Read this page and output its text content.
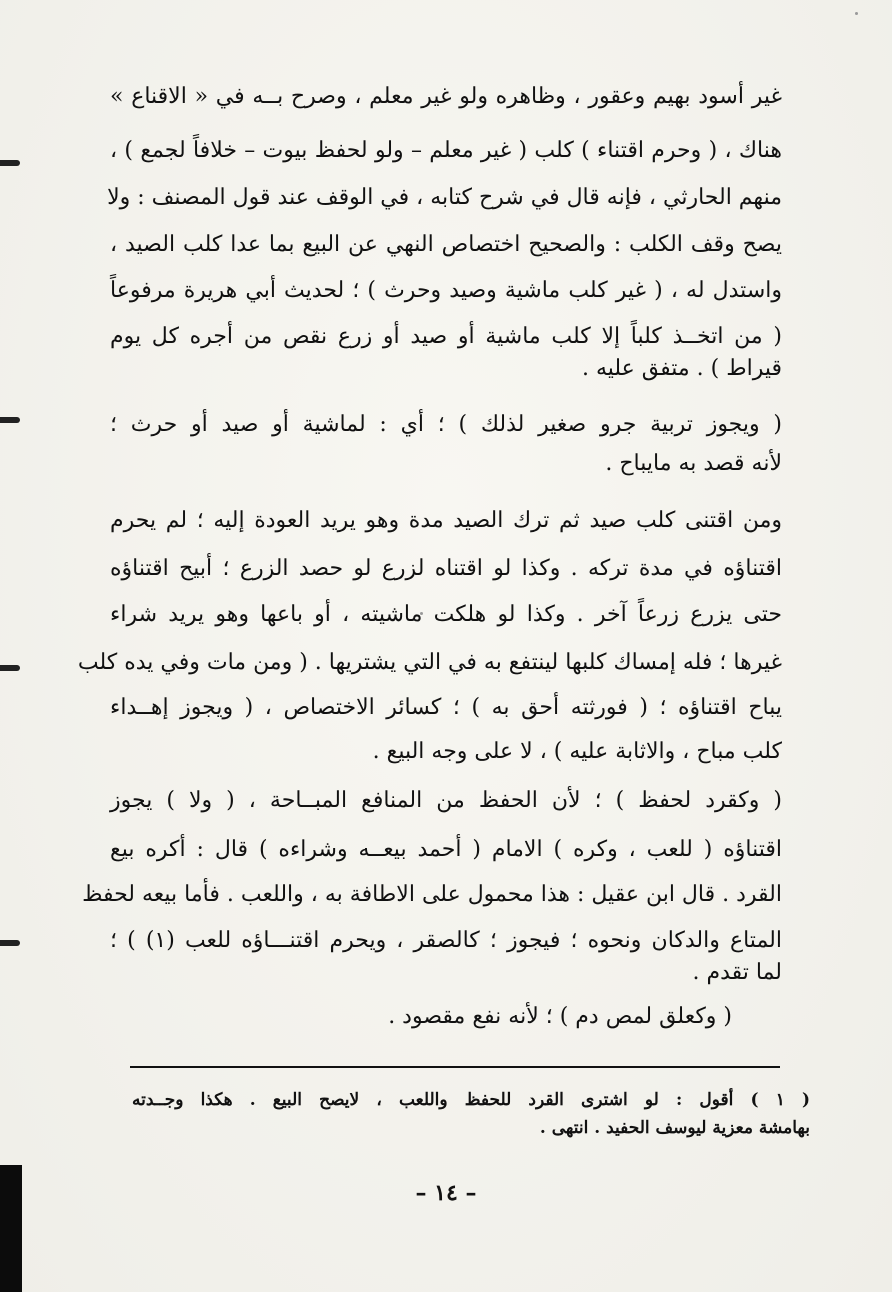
غير أسود بهيم وعقور ، وظاهره ولو غير معلم ، وصرح بــه في « الاقناع »
هناك ، ( وحرم اقتناء ) كلب ( غير معلم – ولو لحفظ بيوت – خلافاً لجمع ) ،
منهم الحارثي ، فإنه قال في شرح كتابه ، في الوقف عند قول المصنف : ولا
يصح وقف الكلب : والصحيح اختصاص النهي عن البيع بما عدا كلب الصيد ،
واستدل له ، ( غير كلب ماشية وصيد وحرث ) ؛ لحديث أبي هريرة مرفوعاً
( من اتخــذ كلباً إلا كلب ماشية أو صيد أو زرع نقص من أجره كل يوم
قيراط ) . متفق عليه .
( ويجوز تربية جرو صغير لذلك ) ؛ أي : لماشية أو صيد أو حرث ؛
لأنه قصد به مايباح .
ومن اقتنى كلب صيد ثم ترك الصيد مدة وهو يريد العودة إليه ؛ لم يحرم
اقتناؤه في مدة تركه . وكذا لو اقتناه لزرع لو حصد الزرع ؛ أبيح اقتناؤه
حتى يزرع زرعاً آخر . وكذا لو هلكت ماشيته ، أو باعها وهو يريد شراء
غيرها ؛ فله إمساك كلبها لينتفع به في التي يشتريها . ( ومن مات وفي يده كلب
يباح اقتناؤه ؛ ( فورثته أحق به ) ؛ كسائر الاختصاص ، ( ويجوز إهــداء
كلب مباح ، والاثابة عليه ) ، لا على وجه البيع .
( وكقرد لحفظ ) ؛ لأن الحفظ من المنافع المبــاحة ، ( ولا ) يجوز
اقتناؤه ( للعب ، وكره ) الامام ( أحمد بيعــه وشراءه ) قال : أكره بيع
القرد . قال ابن عقيل : هذا محمول على الاطافة به ، واللعب . فأما بيعه لحفظ
المتاع والدكان ونحوه ؛ فيجوز ؛ كالصقر ، ويحرم اقتنـــاؤه للعب (١) ) ؛
لما تقدم .
( وكعلق لمص دم ) ؛ لأنه نفع مقصود .
( ١ ) أقول : لو اشترى القرد للحفظ واللعب ، لايصح البيع . هكذا وجــدته
بهامشة معزية ليوسف الحفيد . انتهى .
– ١٤ –
